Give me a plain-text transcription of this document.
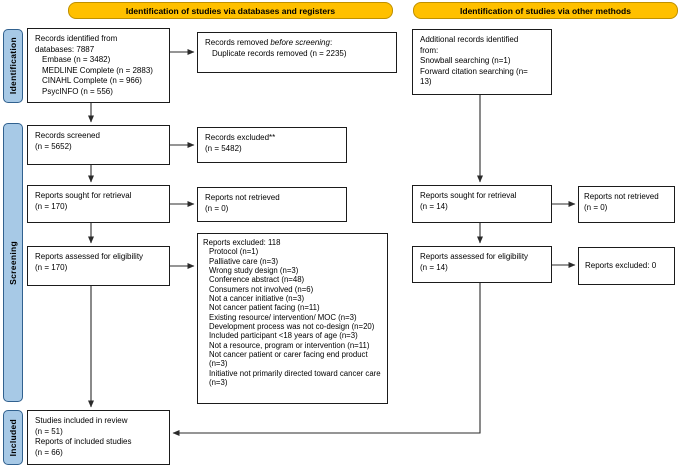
Identification of studies via databases and registers	Identification of studies via other methods
Identification
Screening
Included
Records identified from
databases: 7887
Embase (n = 3482)
MEDLINE Complete (n = 2883)
CINAHL Complete (n = 966)
PsycINFO (n = 556)
Records screened
(n = 5652)
Reports sought for retrieval
(n = 170)
Reports assessed for eligibility
(n = 170)
Studies included in review
(n = 51)
Reports of included studies
(n = 66)
Records removed before screening:
Duplicate records removed (n = 2235)
Records excluded**
(n = 5482)
Reports not retrieved
(n = 0)
Reports excluded: 118
Protocol (n=1)
Palliative care (n=3)
Wrong study design (n=3)
Conference abstract (n=48)
Consumers not involved (n=6)
Not a cancer initiative (n=3)
Not cancer patient facing (n=11)
Existing resource/ intervention/ MOC (n=3)
Development process was not co-design (n=20)
Included participant <18 years of age (n=3)
Not a resource, program or intervention (n=11)
Not cancer patient or carer facing end product (n=3)
Initiative not primarily directed toward cancer care (n=3)
Additional records identified
from:
Snowball searching (n=1)
Forward citation searching (n=
13)
Reports sought for retrieval
(n = 14)
Reports assessed for eligibility
(n = 14)
Reports not retrieved
(n = 0)
Reports excluded: 0
